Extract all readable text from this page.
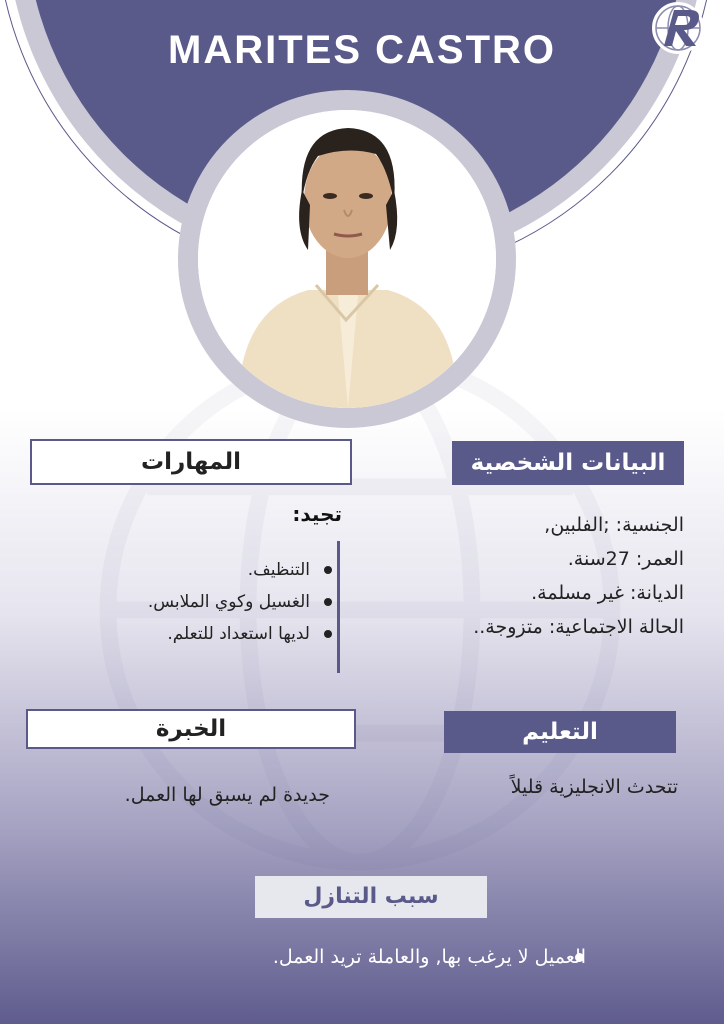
MARITES CASTRO
البيانات الشخصية
الجنسية: ;الفلبين,
العمر: 27سنة.
الديانة: غير مسلمة.
الحالة الاجتماعية: متزوجة..
المهارات
تجيد:
التنظيف.
الغسيل وكوي الملابس.
لديها استعداد للتعلم.
التعليم
تتحدث الانجليزية قليلاً
الخبرة
جديدة لم يسبق لها العمل.
سبب التنازل
العميل لا يرغب بها, والعاملة تريد العمل.
